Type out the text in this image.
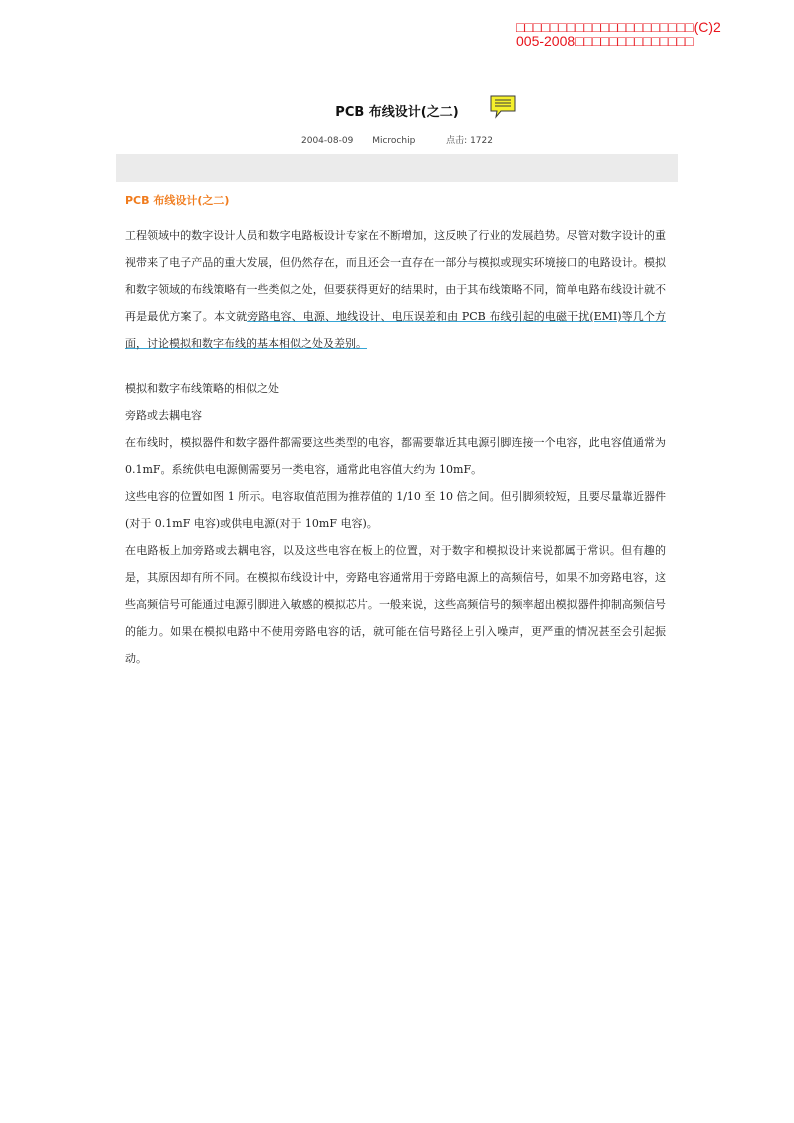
□□□□□□□□□□□□□□□□□□□□□(C)2005-2008□□□□□□□□□□□□□□
PCB 布线设计(之二)
2004-08-09 Microchip	点击: 1722
PCB 布线设计(之二)

工程领域中的数字设计人员和数字电路板设计专家在不断增加，这反映了行业的发展趋势。尽管对数字设计的重视带来了电子产品的重大发展，但仍然存在，而且还会一直存在一部分与模拟或现实环境接口的电路设计。模拟和数字领域的布线策略有一些类似之处，但要获得更好的结果时，由于其布线策略不同，简单电路布线设计就不再是最优方案了。本文就旁路电容、电源、地线设计、电压误差和由 PCB 布线引起的电磁干扰(EMI)等几个方面，讨论模拟和数字布线的基本相似之处及差别。

模拟和数字布线策略的相似之处

旁路或去耦电容

在布线时，模拟器件和数字器件都需要这些类型的电容，都需要靠近其电源引脚连接一个电容，此电容值通常为 0.1mF。系统供电电源侧需要另一类电容，通常此电容值大约为 10mF。

这些电容的位置如图 1 所示。电容取值范围为推荐值的 1/10 至 10 倍之间。但引脚须较短，且要尽量靠近器件(对于 0.1mF 电容)或供电电源(对于 10mF 电容)。

在电路板上加旁路或去耦电容，以及这些电容在板上的位置，对于数字和模拟设计来说都属于常识。但有趣的是，其原因却有所不同。在模拟布线设计中，旁路电容通常用于旁路电源上的高频信号，如果不加旁路电容，这些高频信号可能通过电源引脚进入敏感的模拟芯片。一般来说，这些高频信号的频率超出模拟器件抑制高频信号的能力。如果在模拟电路中不使用旁路电容的话，就可能在信号路径上引入噪声，更严重的情况甚至会引起振动。
